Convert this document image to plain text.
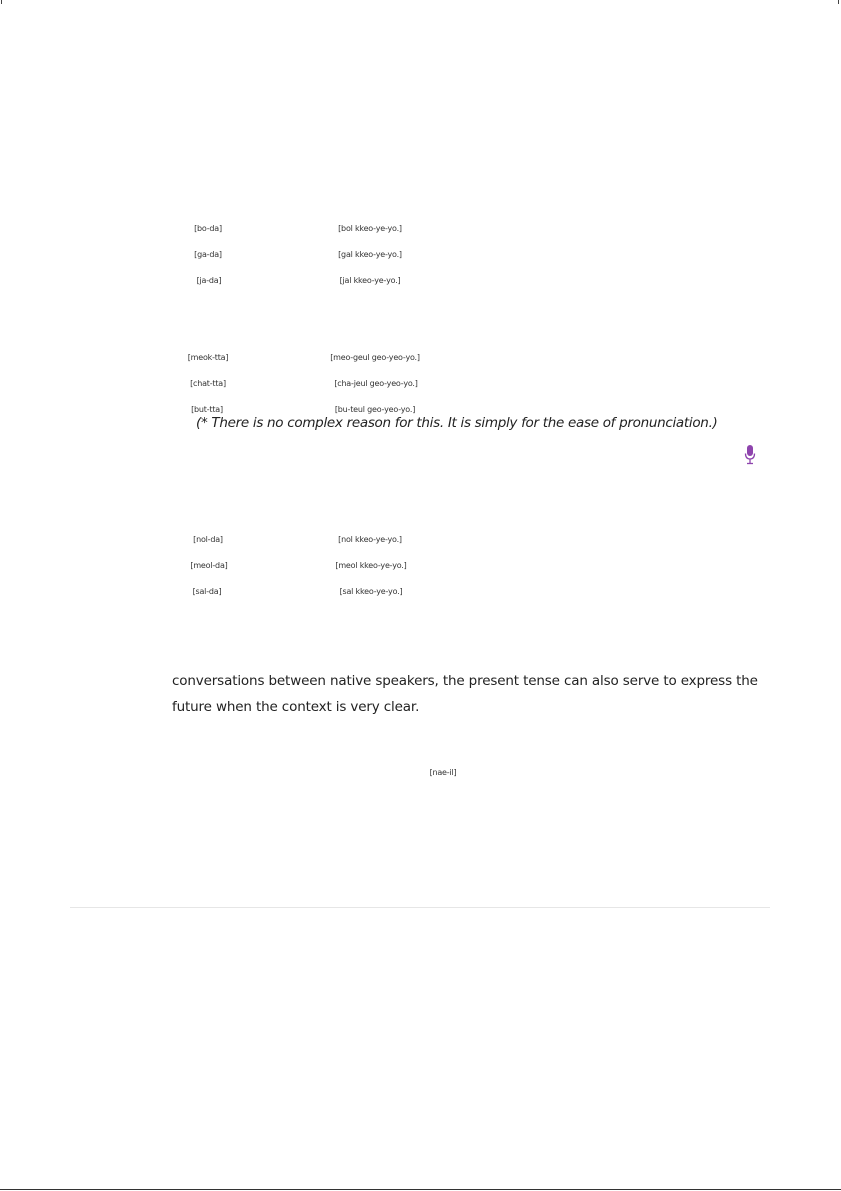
[bo-da]	[bol kkeo-ye-yo.]
[ga-da]	[gal kkeo-ye-yo.]
[ja-da]	[jal kkeo-ye-yo.]
[meok-tta]	[meo-geul geo-yeo-yo.]
[chat-tta]	[cha-jeul geo-yeo-yo.]
[but-tta]	[bu-teul geo-yeo-yo.]
(* There is no complex reason for this. It is simply for the ease of pronunciation.)
[nol-da]	[nol kkeo-ye-yo.]
[meol-da]	[meol kkeo-ye-yo.]
[sal-da]	[sal kkeo-ye-yo.]

conversations between native speakers, the present tense can also serve to express the

future when the context is very clear.

[nae-il]
